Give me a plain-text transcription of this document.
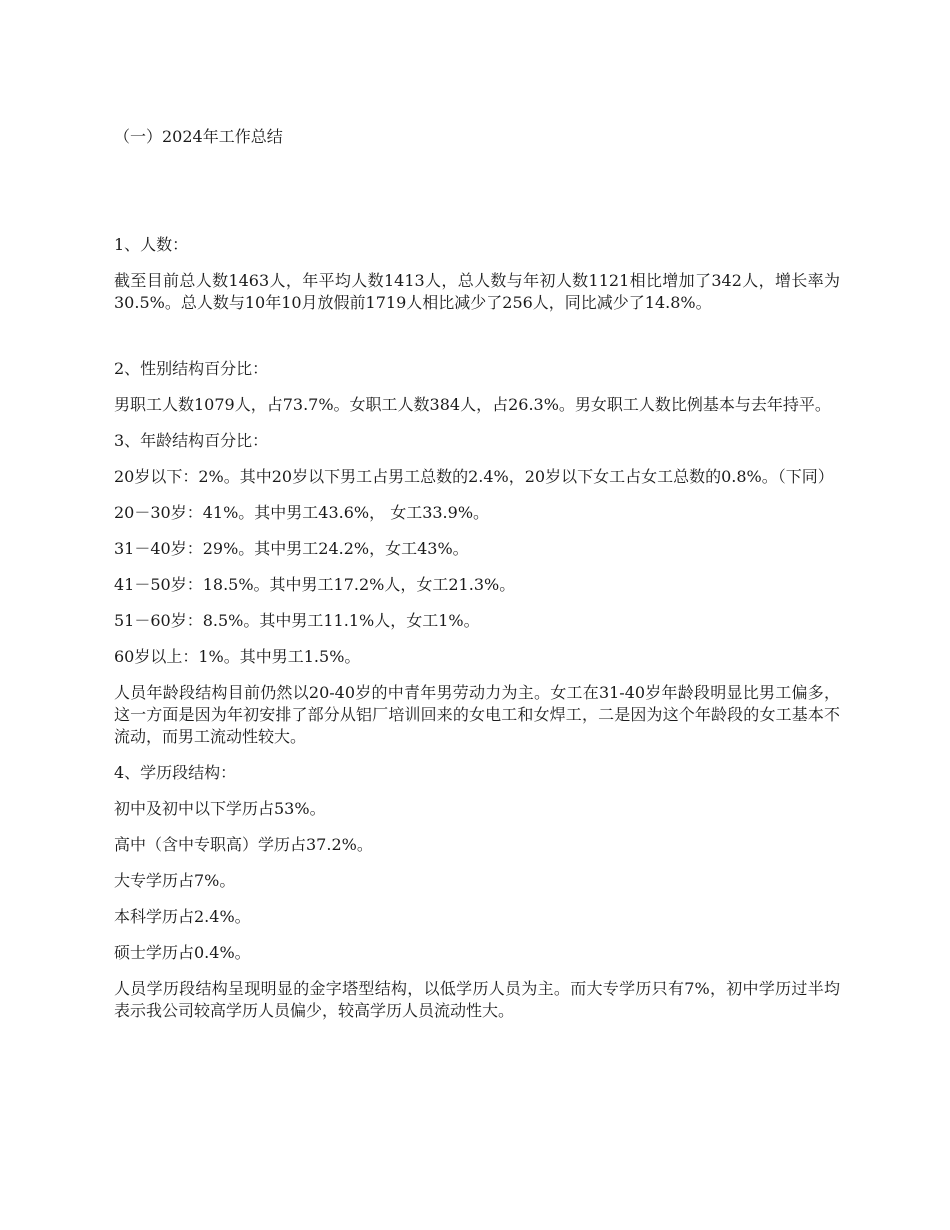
（一）2024年工作总结

1、人数：

截至目前总人数1463人，年平均人数1413人，总人数与年初人数1121相比增加了342人，增长率为30.5%。总人数与10年10月放假前1719人相比减少了256人，同比减少了14.8%。

2、性别结构百分比：

男职工人数1079人，占73.7%。女职工人数384人，占26.3%。男女职工人数比例基本与去年持平。

3、年龄结构百分比：

20岁以下：2%。其中20岁以下男工占男工总数的2.4%，20岁以下女工占女工总数的0.8%。（下同）

20－30岁：41%。其中男工43.6%， 女工33.9%。

31－40岁：29%。其中男工24.2%，女工43%。

41－50岁：18.5%。其中男工17.2%人，女工21.3%。

51－60岁：8.5%。其中男工11.1%人，女工1%。

60岁以上：1%。其中男工1.5%。

人员年龄段结构目前仍然以20-40岁的中青年男劳动力为主。女工在31-40岁年龄段明显比男工偏多，这一方面是因为年初安排了部分从铝厂培训回来的女电工和女焊工，二是因为这个年龄段的女工基本不流动，而男工流动性较大。

4、学历段结构：

初中及初中以下学历占53%。

高中（含中专职高）学历占37.2%。

大专学历占7%。

本科学历占2.4%。

硕士学历占0.4%。

人员学历段结构呈现明显的金字塔型结构，以低学历人员为主。而大专学历只有7%，初中学历过半均表示我公司较高学历人员偏少，较高学历人员流动性大。
